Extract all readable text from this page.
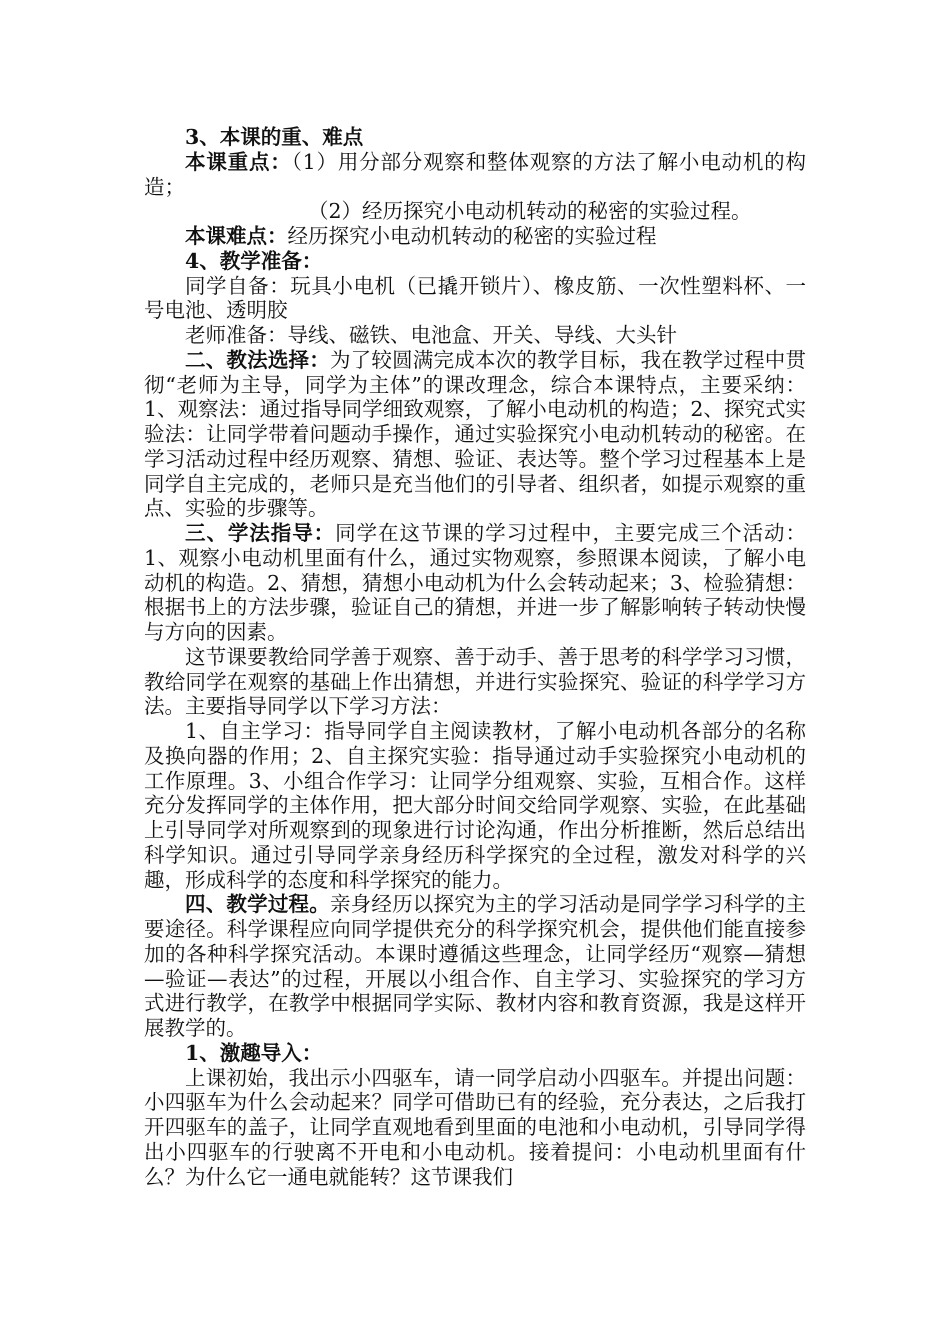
3、本课的重、难点

本课重点：（1）用分部分观察和整体观察的方法了解小电动机的构造；

（2）经历探究小电动机转动的秘密的实验过程。

本课难点：经历探究小电动机转动的秘密的实验过程

4、教学准备：

同学自备：玩具小电机（已撬开锁片）、橡皮筋、一次性塑料杯、一号电池、透明胶

老师准备：导线、磁铁、电池盒、开关、导线、大头针

二、教法选择：为了较圆满完成本次的教学目标，我在教学过程中贯彻“老师为主导，同学为主体”的课改理念，综合本课特点，主要采纳：1、观察法：通过指导同学细致观察，了解小电动机的构造；2、探究式实验法：让同学带着问题动手操作，通过实验探究小电动机转动的秘密。在学习活动过程中经历观察、猜想、验证、表达等。整个学习过程基本上是同学自主完成的，老师只是充当他们的引导者、组织者，如提示观察的重点、实验的步骤等。

三、学法指导：同学在这节课的学习过程中，主要完成三个活动：1、观察小电动机里面有什么，通过实物观察，参照课本阅读，了解小电动机的构造。2、猜想，猜想小电动机为什么会转动起来；3、检验猜想：根据书上的方法步骤，验证自己的猜想，并进一步了解影响转子转动快慢与方向的因素。

这节课要教给同学善于观察、善于动手、善于思考的科学学习习惯，教给同学在观察的基础上作出猜想，并进行实验探究、验证的科学学习方法。主要指导同学以下学习方法：

1、自主学习：指导同学自主阅读教材，了解小电动机各部分的名称及换向器的作用；2、自主探究实验：指导通过动手实验探究小电动机的工作原理。3、小组合作学习：让同学分组观察、实验，互相合作。这样充分发挥同学的主体作用，把大部分时间交给同学观察、实验，在此基础上引导同学对所观察到的现象进行讨论沟通，作出分析推断，然后总结出科学知识。通过引导同学亲身经历科学探究的全过程，激发对科学的兴趣，形成科学的态度和科学探究的能力。

四、教学过程。亲身经历以探究为主的学习活动是同学学习科学的主要途径。科学课程应向同学提供充分的科学探究机会，提供他们能直接参加的各种科学探究活动。本课时遵循这些理念，让同学经历“观察—猜想—验证—表达”的过程，开展以小组合作、自主学习、实验探究的学习方式进行教学，在教学中根据同学实际、教材内容和教育资源，我是这样开展教学的。

1、激趣导入：

上课初始，我出示小四驱车，请一同学启动小四驱车。并提出问题：小四驱车为什么会动起来？同学可借助已有的经验，充分表达，之后我打开四驱车的盖子，让同学直观地看到里面的电池和小电动机，引导同学得出小四驱车的行驶离不开电和小电动机。接着提问：小电动机里面有什么？为什么它一通电就能转？这节课我们
